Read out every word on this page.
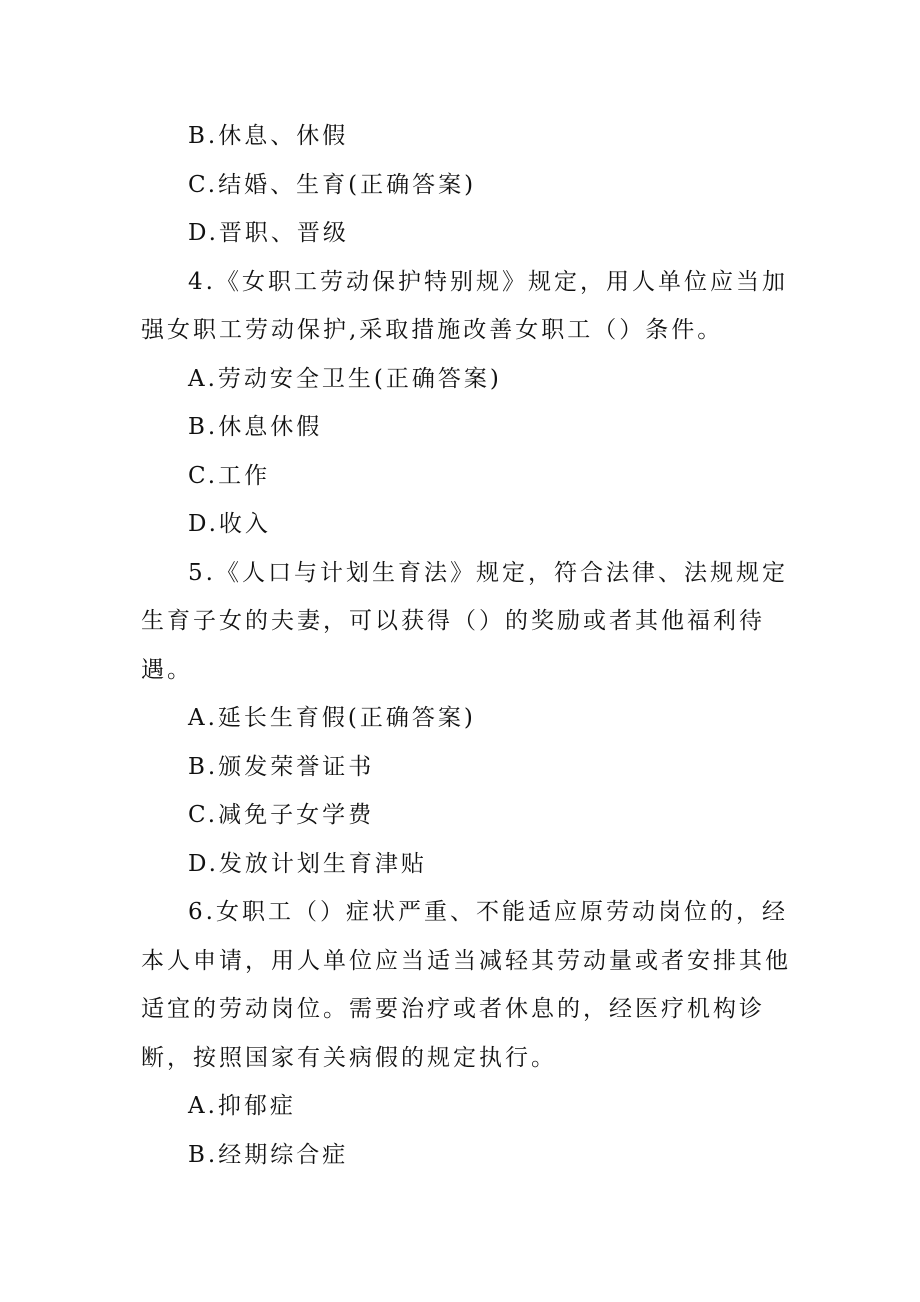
B.休息、休假

C.结婚、生育(正确答案)

D.晋职、晋级

4.《女职工劳动保护特别规》规定，用人单位应当加

强女职工劳动保护,采取措施改善女职工（）条件。

A.劳动安全卫生(正确答案)

B.休息休假

C.工作

D.收入

5.《人口与计划生育法》规定，符合法律、法规规定

生育子女的夫妻，可以获得（）的奖励或者其他福利待

遇。

A.延长生育假(正确答案)

B.颁发荣誉证书

C.减免子女学费

D.发放计划生育津贴

6.女职工（）症状严重、不能适应原劳动岗位的，经

本人申请，用人单位应当适当减轻其劳动量或者安排其他

适宜的劳动岗位。需要治疗或者休息的，经医疗机构诊

断，按照国家有关病假的规定执行。

A.抑郁症

B.经期综合症
